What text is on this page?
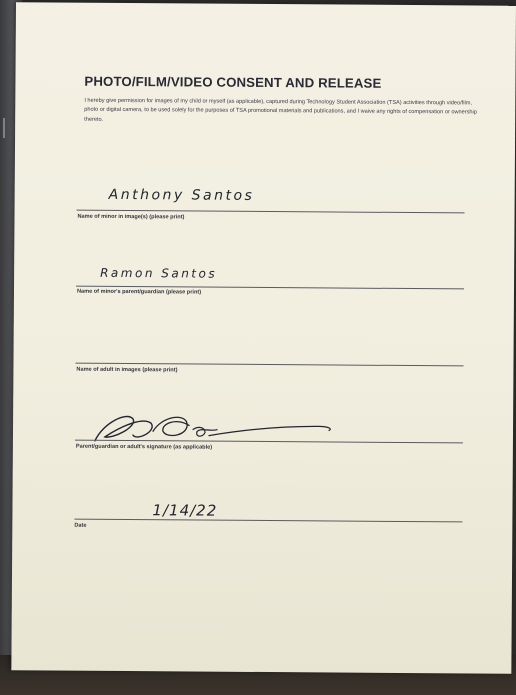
PHOTO/FILM/VIDEO CONSENT AND RELEASE

I hereby give permission for images of my child or myself (as applicable), captured during Technology Student Association (TSA) activities through video/film, photo or digital camera, to be used solely for the purposes of TSA promotional materials and publications, and I waive any rights of compensation or ownership thereto.

Anthony Santos
Name of minor in image(s) (please print)
Ramon Santos
Name of minor's parent/guardian (please print)
Name of adult in images (please print)
Parent/guardian or adult's signature (as applicable)
1/14/22
Date
